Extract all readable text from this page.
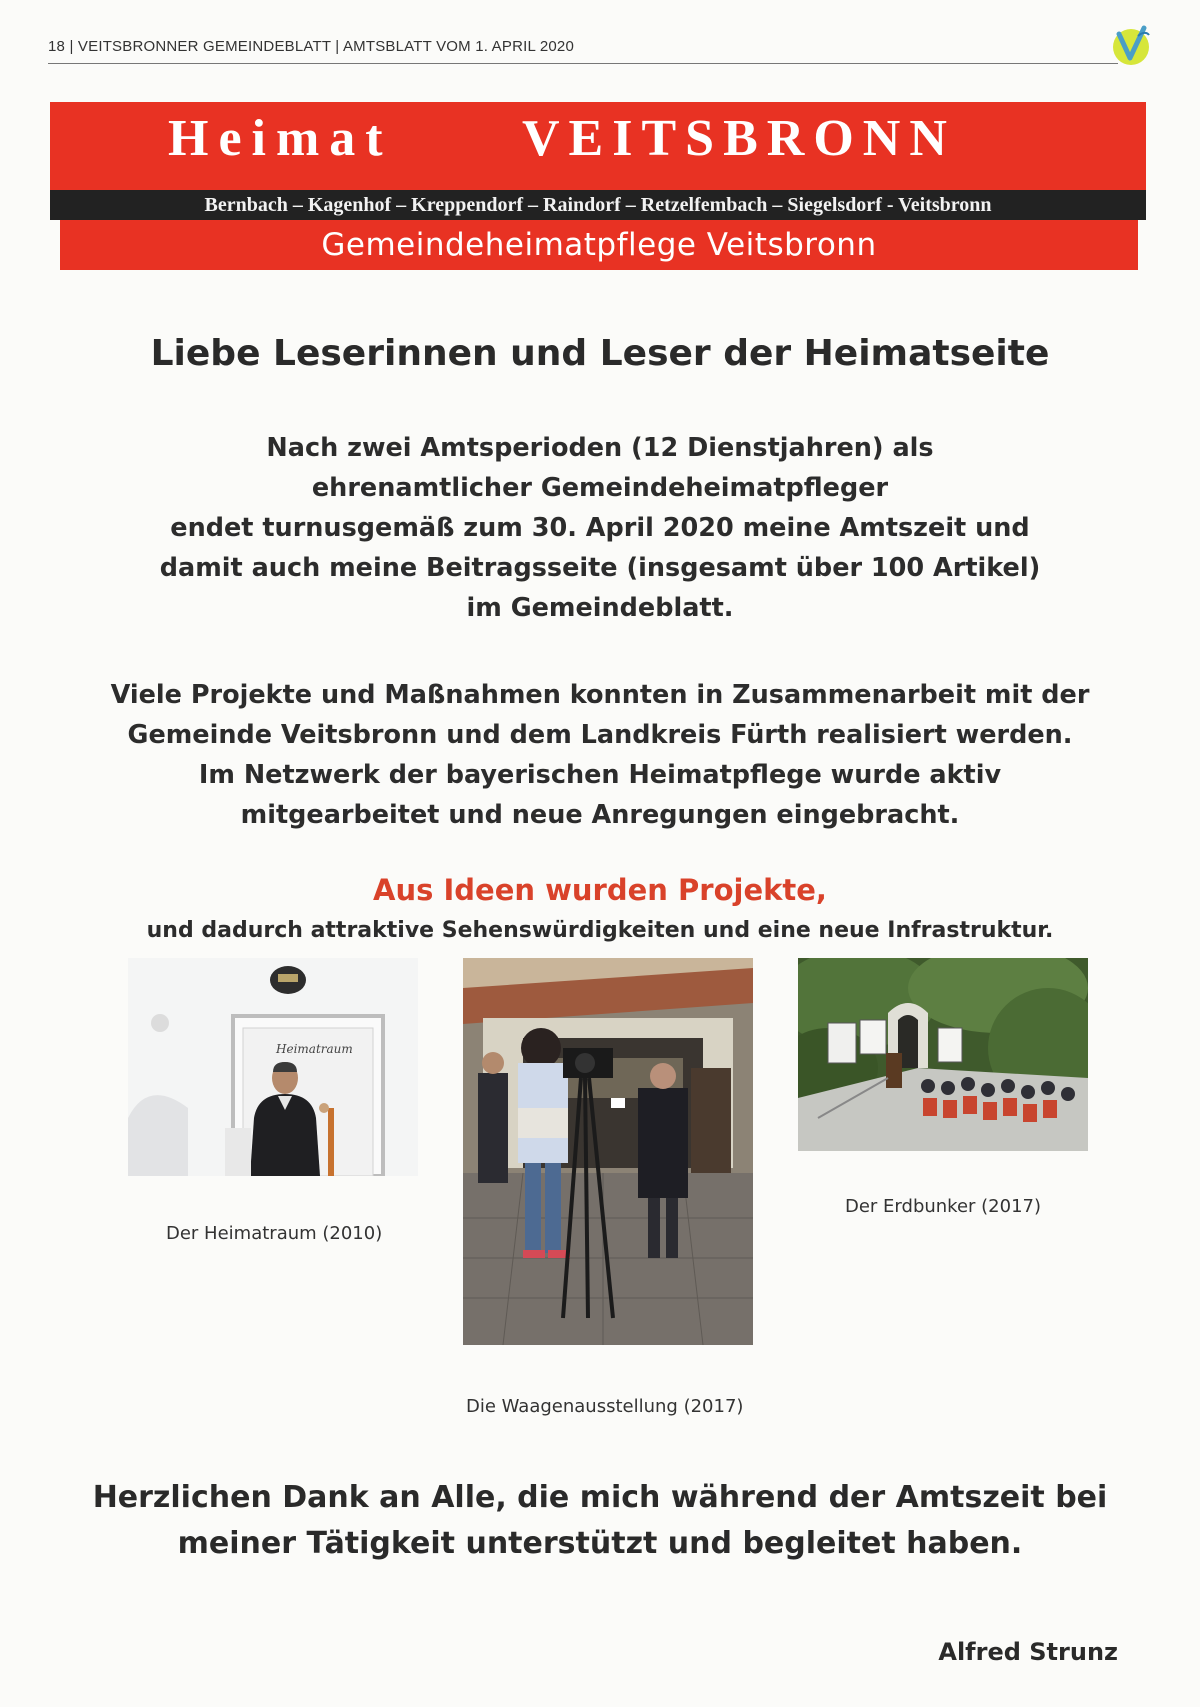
18 | VEITSBRONNER GEMEINDEBLATT | AMTSBLATT VOM 1. APRIL 2020
Heimat VEITSBRONN
Bernbach – Kagenhof – Kreppendorf – Raindorf – Retzelfembach – Siegelsdorf - Veitsbronn
Gemeindeheimatpflege Veitsbronn
Liebe Leserinnen und Leser der Heimatseite
Nach zwei Amtsperioden (12 Dienstjahren) als
ehrenamtlicher Gemeindeheimatpfleger
endet turnusgemäß zum 30. April 2020 meine Amtszeit und
damit auch meine Beitragsseite (insgesamt über 100 Artikel)
im Gemeindeblatt.
Viele Projekte und Maßnahmen konnten in Zusammenarbeit mit der
Gemeinde Veitsbronn und dem Landkreis Fürth realisiert werden.
Im Netzwerk der bayerischen Heimatpflege wurde aktiv
mitgearbeitet und neue Anregungen eingebracht.
Aus Ideen wurden Projekte,
und dadurch attraktive Sehenswürdigkeiten und eine neue Infrastruktur.
Heimatraum
Der Heimatraum (2010)
Die Waagenausstellung (2017)
Der Erdbunker (2017)
Herzlichen Dank an Alle, die mich während der Amtszeit bei
meiner Tätigkeit unterstützt und begleitet haben.
Alfred Strunz
